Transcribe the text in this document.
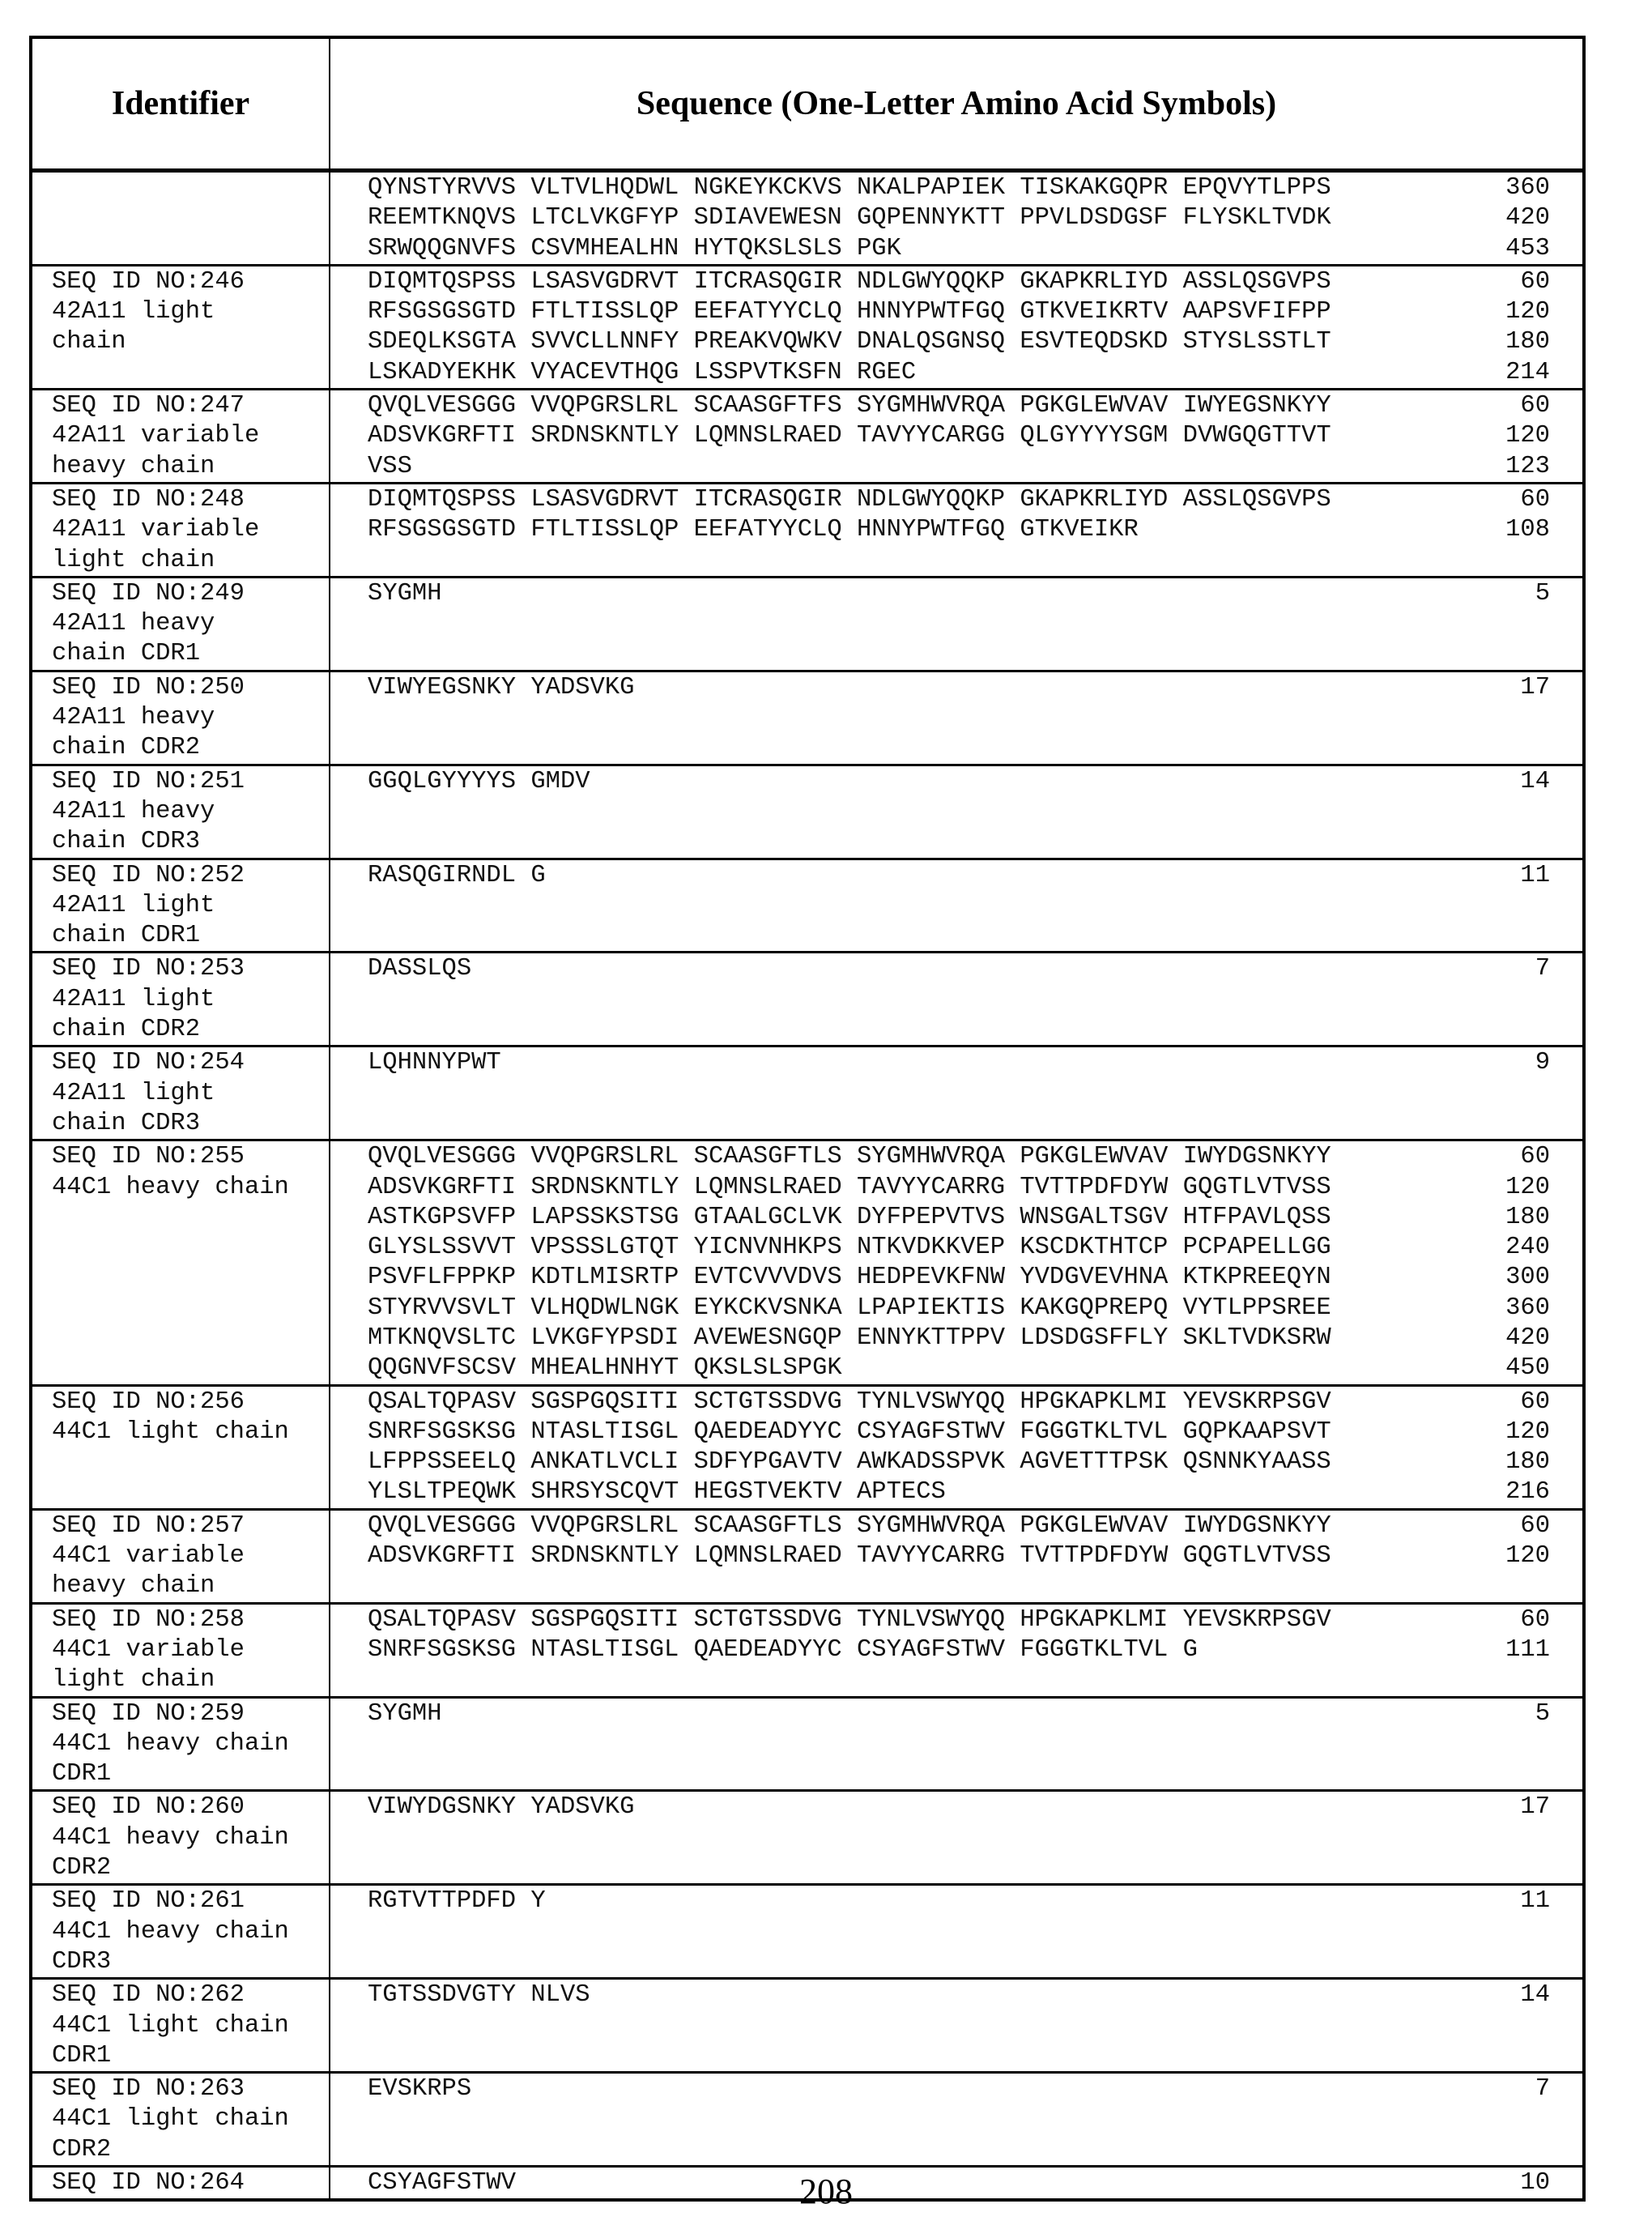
Identifier	Sequence (One-Letter Amino Acid Symbols)

QYNSTYRVVS VLTVLHQDWL NGKEYKCKVS NKALPAPIEK TISKAKGQPR EPQVYTLPPS	360
REEMTKNQVS LTCLVKGFYP SDIAVEWESN GQPENNYKTT PPVLDSDGSF FLYSKLTVDK	420
SRWQQGNVFS CSVMHEALHN HYTQKSLSLS PGK	453

SEQ ID NO:246
42A11 light
chain	
DIQMTQSPSS LSASVGDRVT ITCRASQGIR NDLGWYQQKP GKAPKRLIYD ASSLQSGVPS	60
RFSGSGSGTD FTLTISSLQP EEFATYYCLQ HNNYPWTFGQ GTKVEIKRTV AAPSVFIFPP	120
SDEQLKSGTA SVVCLLNNFY PREAKVQWKV DNALQSGNSQ ESVTEQDSKD STYSLSSTLT	180
LSKADYEKHK VYACEVTHQG LSSPVTKSFN RGEC	214

SEQ ID NO:247
42A11 variable
heavy chain	
QVQLVESGGG VVQPGRSLRL SCAASGFTFS SYGMHWVRQA PGKGLEWVAV IWYEGSNKYY	60
ADSVKGRFTI SRDNSKNTLY LQMNSLRAED TAVYYCARGG QLGYYYYSGM DVWGQGTTVT	120
VSS	123

SEQ ID NO:248
42A11 variable
light chain	
DIQMTQSPSS LSASVGDRVT ITCRASQGIR NDLGWYQQKP GKAPKRLIYD ASSLQSGVPS	60
RFSGSGSGTD FTLTISSLQP EEFATYYCLQ HNNYPWTFGQ GTKVEIKR	108

SEQ ID NO:249
42A11 heavy
chain CDR1	
SYGMH	5

SEQ ID NO:250
42A11 heavy
chain CDR2	
VIWYEGSNKY YADSVKG	17

SEQ ID NO:251
42A11 heavy
chain CDR3	
GGQLGYYYYS GMDV	14

SEQ ID NO:252
42A11 light
chain CDR1	
RASQGIRNDL G	11

SEQ ID NO:253
42A11 light
chain CDR2	
DASSLQS	7

SEQ ID NO:254
42A11 light
chain CDR3	
LQHNNYPWT	9

SEQ ID NO:255
44C1 heavy chain	
QVQLVESGGG VVQPGRSLRL SCAASGFTLS SYGMHWVRQA PGKGLEWVAV IWYDGSNKYY	60
ADSVKGRFTI SRDNSKNTLY LQMNSLRAED TAVYYCARRG TVTTPDFDYW GQGTLVTVSS	120
ASTKGPSVFP LAPSSKSTSG GTAALGCLVK DYFPEPVTVS WNSGALTSGV HTFPAVLQSS	180
GLYSLSSVVT VPSSSLGTQT YICNVNHKPS NTKVDKKVEP KSCDKTHTCP PCPAPELLGG	240
PSVFLFPPKP KDTLMISRTP EVTCVVVDVS HEDPEVKFNW YVDGVEVHNA KTKPREEQYN	300
STYRVVSVLT VLHQDWLNGK EYKCKVSNKA LPAPIEKTIS KAKGQPREPQ VYTLPPSREE	360
MTKNQVSLTC LVKGFYPSDI AVEWESNGQP ENNYKTTPPV LDSDGSFFLY SKLTVDKSRW	420
QQGNVFSCSV MHEALHNHYT QKSLSLSPGK	450

SEQ ID NO:256
44C1 light chain	
QSALTQPASV SGSPGQSITI SCTGTSSDVG TYNLVSWYQQ HPGKAPKLMI YEVSKRPSGV	60
SNRFSGSKSG NTASLTISGL QAEDEADYYC CSYAGFSTWV FGGGTKLTVL GQPKAAPSVT	120
LFPPSSEELQ ANKATLVCLI SDFYPGAVTV AWKADSSPVK AGVETTTPSK QSNNKYAASS	180
YLSLTPEQWK SHRSYSCQVT HEGSTVEKTV APTECS	216

SEQ ID NO:257
44C1 variable
heavy chain	
QVQLVESGGG VVQPGRSLRL SCAASGFTLS SYGMHWVRQA PGKGLEWVAV IWYDGSNKYY	60
ADSVKGRFTI SRDNSKNTLY LQMNSLRAED TAVYYCARRG TVTTPDFDYW GQGTLVTVSS	120

SEQ ID NO:258
44C1 variable
light chain	
QSALTQPASV SGSPGQSITI SCTGTSSDVG TYNLVSWYQQ HPGKAPKLMI YEVSKRPSGV	60
SNRFSGSKSG NTASLTISGL QAEDEADYYC CSYAGFSTWV FGGGTKLTVL G	111

SEQ ID NO:259
44C1 heavy chain
CDR1	
SYGMH	5

SEQ ID NO:260
44C1 heavy chain
CDR2	
VIWYDGSNKY YADSVKG	17

SEQ ID NO:261
44C1 heavy chain
CDR3	
RGTVTTPDFD Y	11

SEQ ID NO:262
44C1 light chain
CDR1	
TGTSSDVGTY NLVS	14

SEQ ID NO:263
44C1 light chain
CDR2	
EVSKRPS	7

SEQ ID NO:264	CSYAGFSTWV	10
208
